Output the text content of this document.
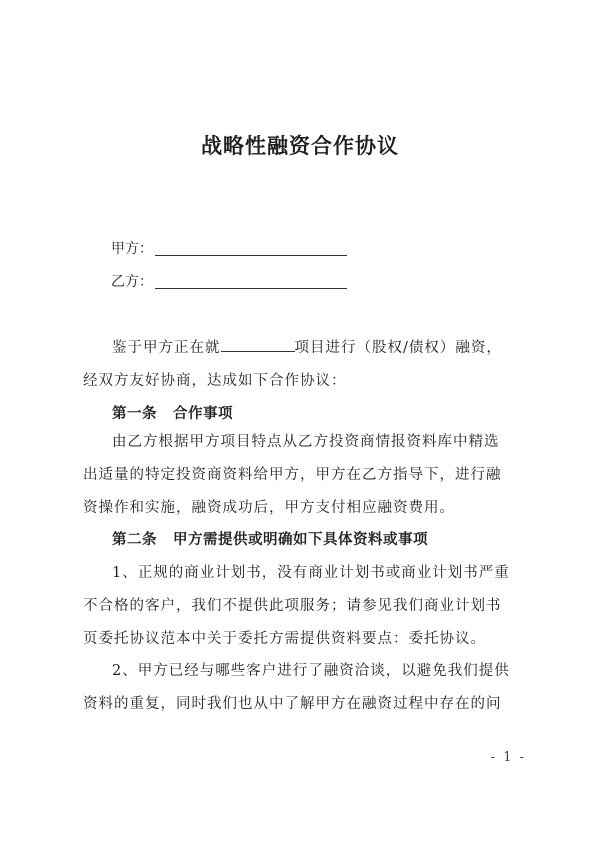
战略性融资合作协议
甲方：
乙方：
鉴于甲方正在就	项目进行（股权/债权）融资，
经双方友好协商，达成如下合作协议：
第一条 合作事项
由乙方根据甲方项目特点从乙方投资商情报资料库中精选
出适量的特定投资商资料给甲方，甲方在乙方指导下，进行融
资操作和实施，融资成功后，甲方支付相应融资费用。
第二条 甲方需提供或明确如下具体资料或事项
1、正规的商业计划书，没有商业计划书或商业计划书严重
不合格的客户，我们不提供此项服务；请参见我们商业计划书
页委托协议范本中关于委托方需提供资料要点：委托协议。
2、甲方已经与哪些客户进行了融资洽谈，以避免我们提供
资料的重复，同时我们也从中了解甲方在融资过程中存在的问
- 1 -
